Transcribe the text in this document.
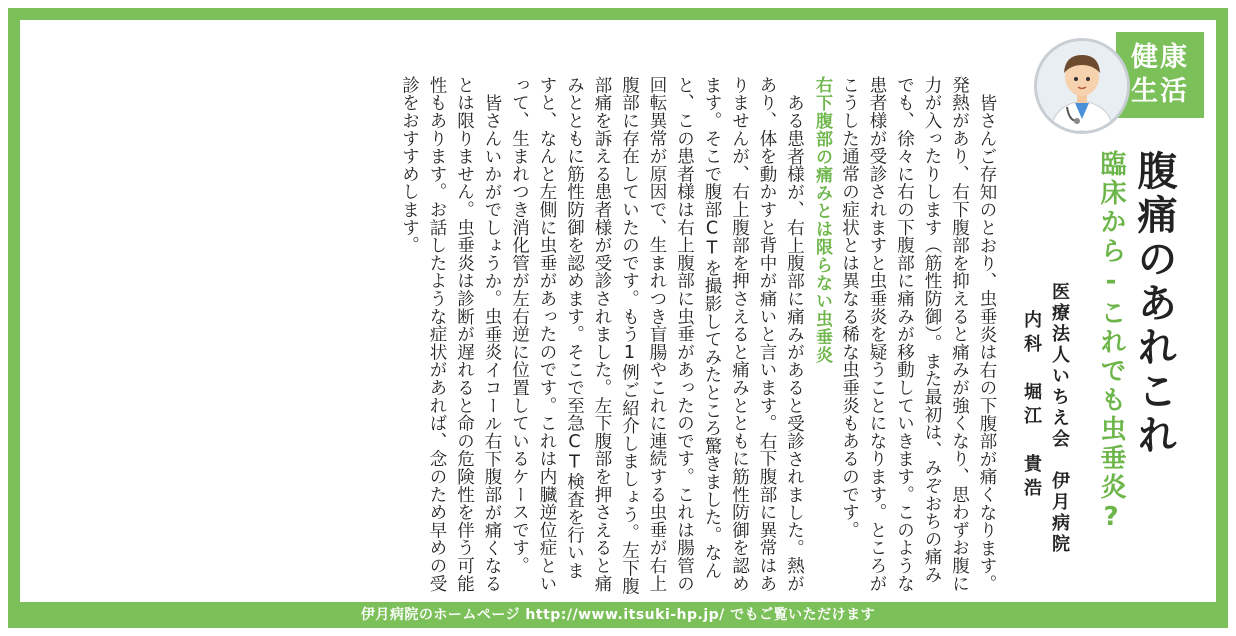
健康
生活
腹痛のあれこれ
臨床から-これでも虫垂炎?
医療法人いちえ会　伊月病院
内科　堀江　貴浩

皆さんご存知のとおり、虫垂炎は右の下腹部が痛くなります。発熱があり、右下腹部を抑えると痛みが強くなり、思わずお腹に力が入ったりします（筋性防御）。また最初は、みぞおちの痛みでも、徐々に右の下腹部に痛みが移動していきます。このような患者様が受診されますと虫垂炎を疑うことになります。ところがこうした通常の症状とは異なる稀な虫垂炎もあるのです。

右下腹部の痛みとは限らない虫垂炎

ある患者様が、右上腹部に痛みがあると受診されました。熱があり、体を動かすと背中が痛いと言います。右下腹部に異常はありませんが、右上腹部を押さえると痛みとともに筋性防御を認めます。そこで腹部CTを撮影してみたところ驚きました。なんと、この患者様は右上腹部に虫垂があったのです。これは腸管の回転異常が原因で、生まれつき盲腸やこれに連続する虫垂が右上腹部に存在していたのです。もう1例ご紹介しましょう。左下腹部痛を訴える患者様が受診されました。左下腹部を押さえると痛みとともに筋性防御を認めます。そこで至急CT検査を行いますと、なんと左側に虫垂があったのです。これは内臓逆位症といって、生まれつき消化管が左右逆に位置しているケースです。

皆さんいかがでしょうか。虫垂炎イコール右下腹部が痛くなるとは限りません。虫垂炎は診断が遅れると命の危険性を伴う可能性もあります。お話したような症状があれば、念のため早めの受診をおすすめします。

伊月病院のホームページ http://www.itsuki-hp.jp/ でもご覧いただけます
